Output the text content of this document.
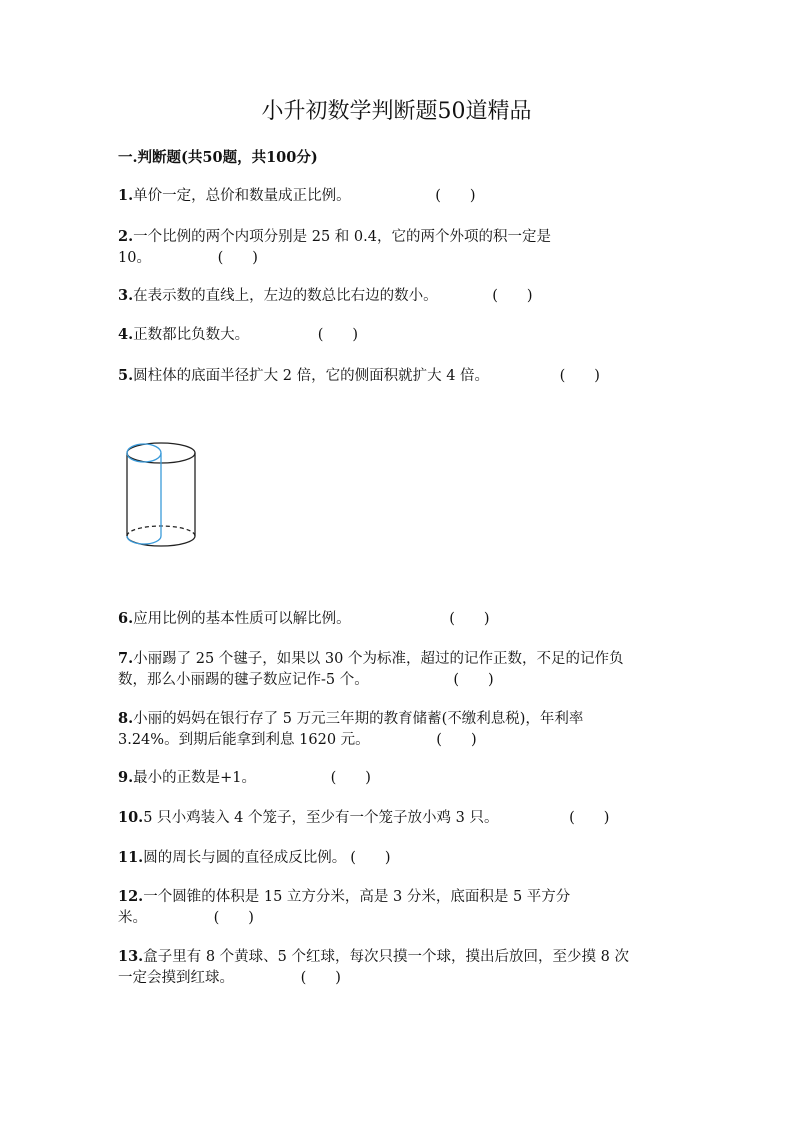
小升初数学判断题50道精品
一.判断题(共50题，共100分)
1.单价一定，总价和数量成正比例。	(　　)
2.一个比例的两个内项分别是 25 和 0.4，它的两个外项的积一定是
10。	(　　)
3.在表示数的直线上，左边的数总比右边的数小。	(　　)
4.正数都比负数大。	(　　)
5.圆柱体的底面半径扩大 2 倍，它的侧面积就扩大 4 倍。	(　　)
6.应用比例的基本性质可以解比例。	(　　)
7.小丽踢了 25 个毽子，如果以 30 个为标准，超过的记作正数，不足的记作负
数，那么小丽踢的毽子数应记作-5 个。	(　　)
8.小丽的妈妈在银行存了 5 万元三年期的教育储蓄(不缴利息税)，年利率
3.24%。到期后能拿到利息 1620 元。	(　　)
9.最小的正数是+1。	(　　)
10.5 只小鸡装入 4 个笼子，至少有一个笼子放小鸡 3 只。	(　　)
11.圆的周长与圆的直径成反比例。 (　　)
12.一个圆锥的体积是 15 立方分米，高是 3 分米，底面积是 5 平方分
米。	(　　)
13.盒子里有 8 个黄球、5 个红球，每次只摸一个球，摸出后放回，至少摸 8 次
一定会摸到红球。	(　　)
